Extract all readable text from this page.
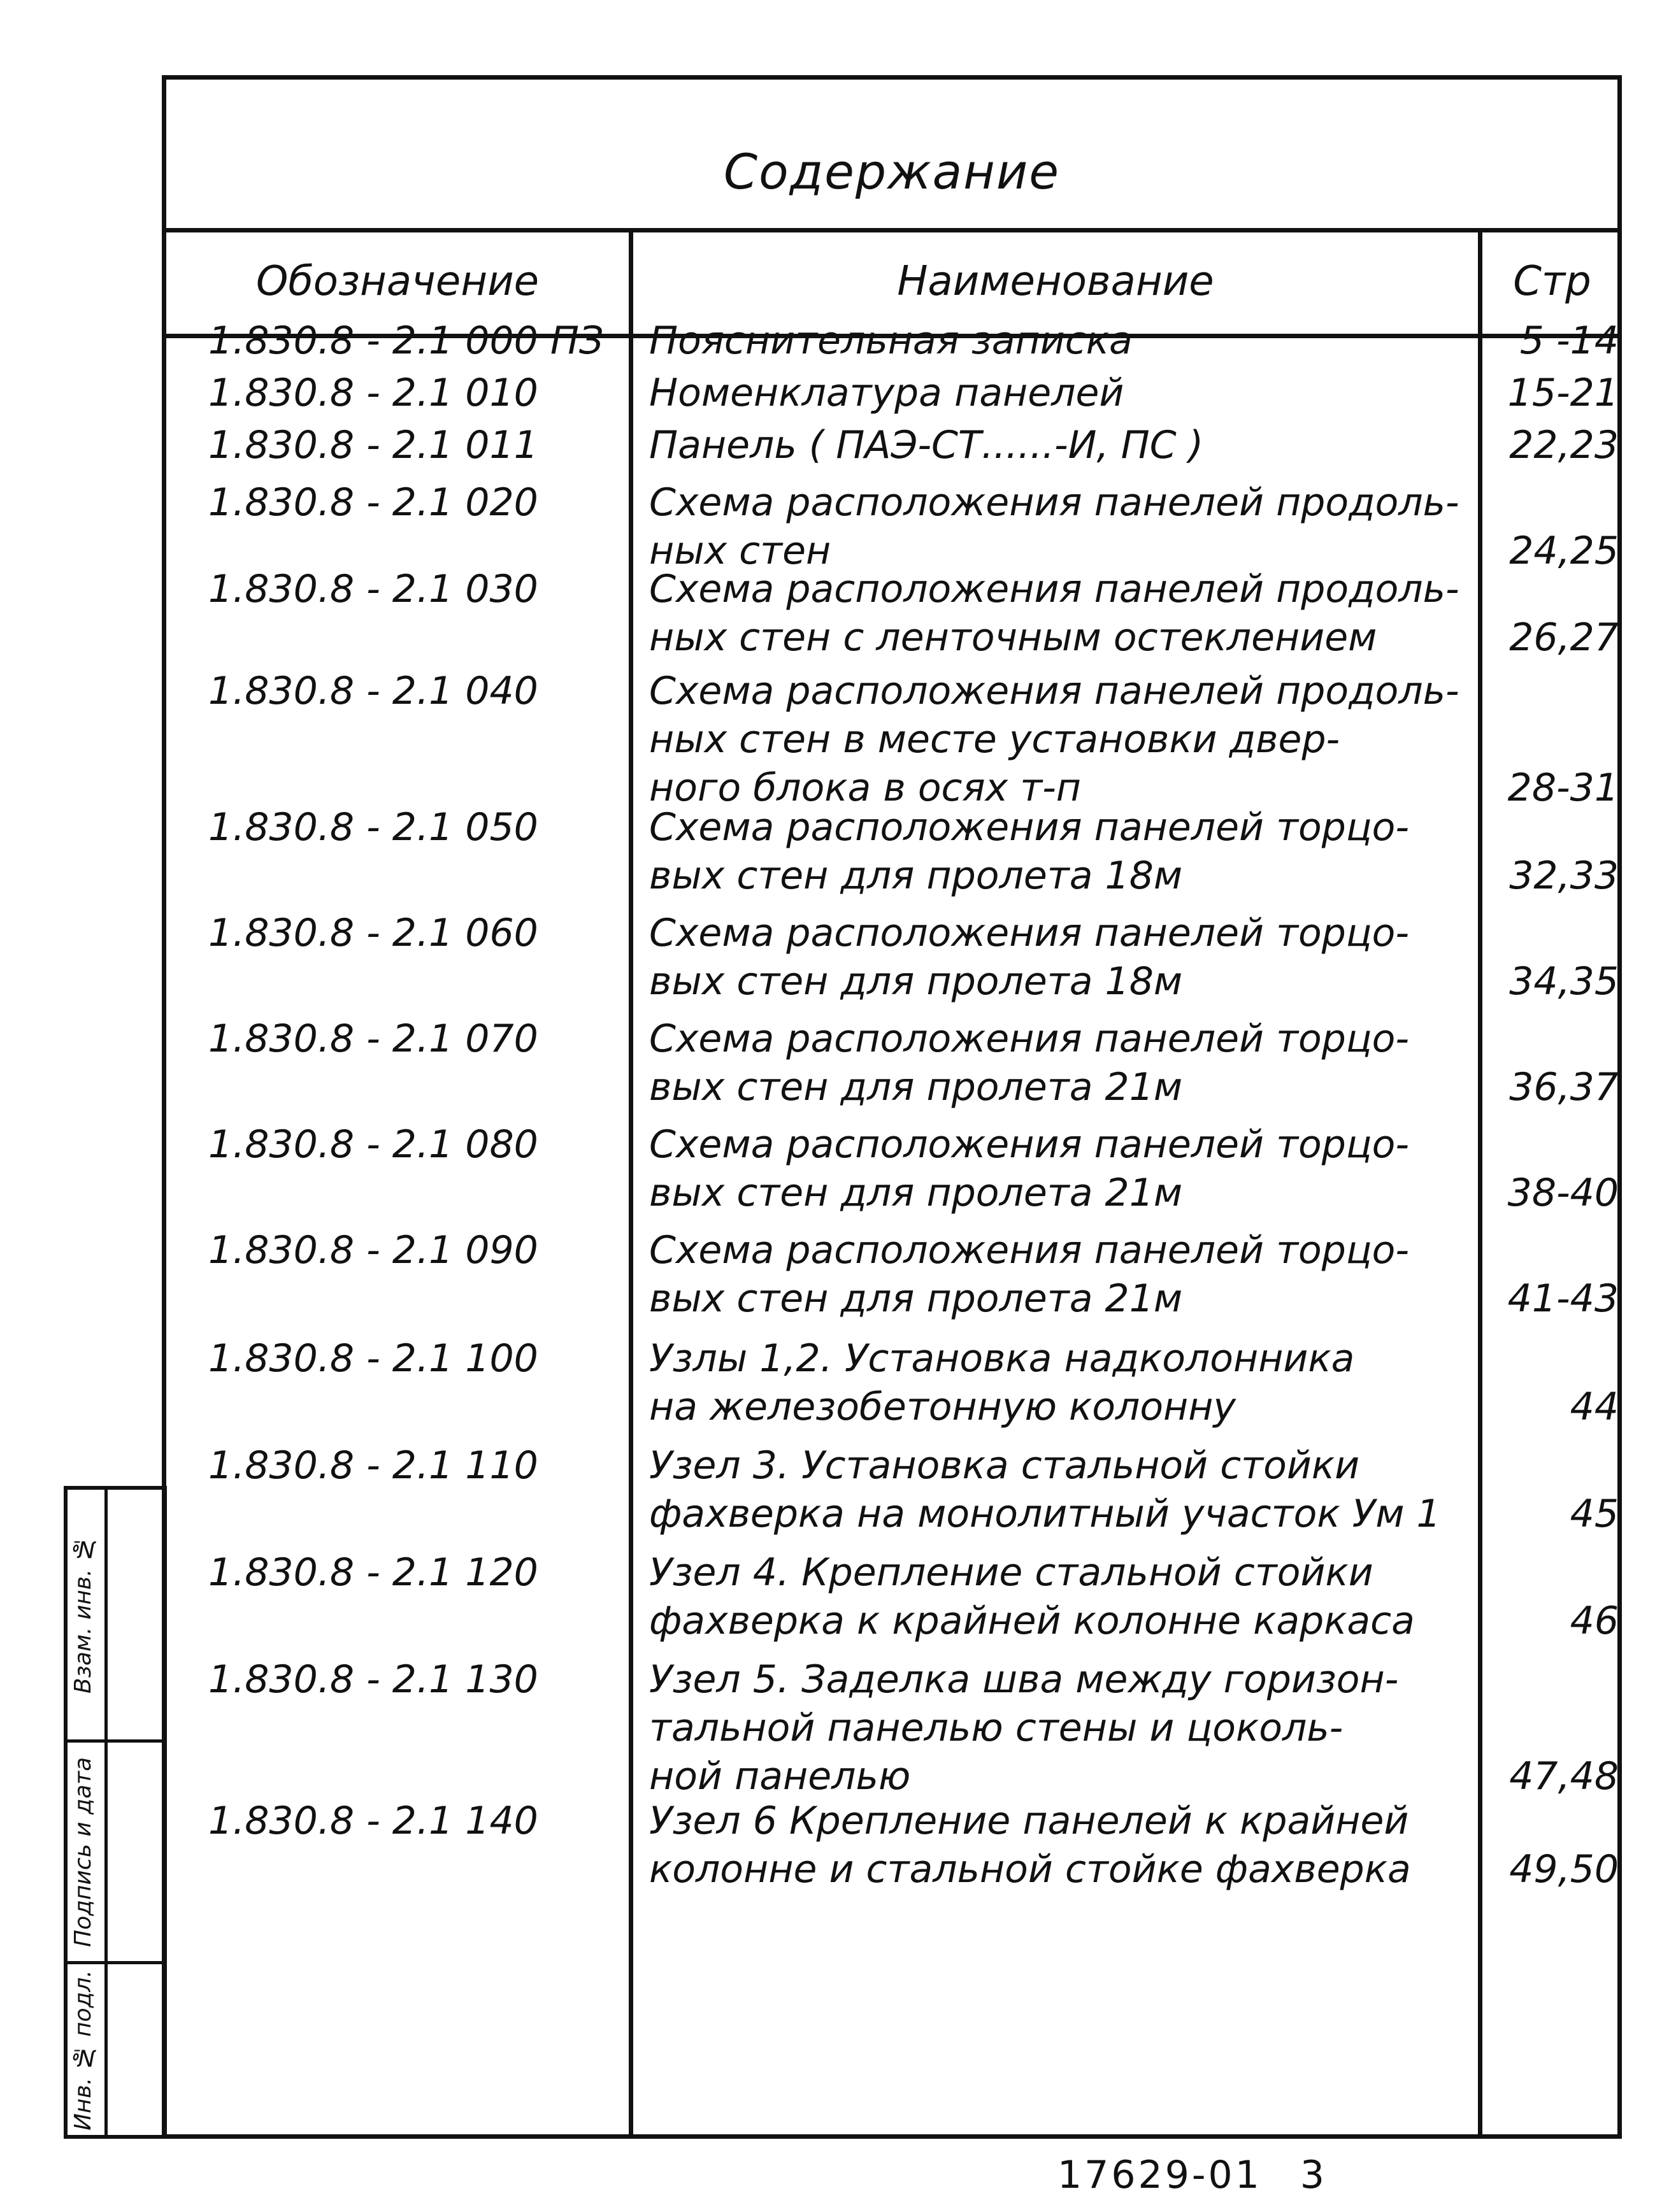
Содержание
Обозначение	Наименование	Стр
1.830.8 - 2.1 000 ПЗ	Пояснительная записка	5 -14
1.830.8 - 2.1 010	Номенклатура панелей	15-21
1.830.8 - 2.1 011	Панель ( ПАЭ-СТ......-И, ПС )	22,23
1.830.8 - 2.1 020	Схема расположения панелей продоль-
ных стен	24,25
1.830.8 - 2.1 030	Схема расположения панелей продоль-
ных стен с ленточным остеклением	26,27
1.830.8 - 2.1 040	Схема расположения панелей продоль-
ных стен в месте установки двер-
ного блока в осях т-п	28-31
1.830.8 - 2.1 050	Схема расположения панелей торцо-
вых стен для пролета 18м	32,33
1.830.8 - 2.1 060	Схема расположения панелей торцо-
вых стен для пролета 18м	34,35
1.830.8 - 2.1 070	Схема расположения панелей торцо-
вых стен для пролета 21м	36,37
1.830.8 - 2.1 080	Схема расположения панелей торцо-
вых стен для пролета 21м	38-40
1.830.8 - 2.1 090	Схема расположения панелей торцо-
вых стен для пролета 21м	41-43
1.830.8 - 2.1 100	Узлы 1,2. Установка надколонника
на железобетонную колонну	44
1.830.8 - 2.1 110	Узел 3. Установка стальной стойки
фахверка на монолитный участок Ум 1	45
1.830.8 - 2.1 120	Узел 4. Крепление стальной стойки
фахверка к крайней колонне каркаса	46
1.830.8 - 2.1 130	Узел 5. Заделка шва между горизон-
тальной панелью стены и цоколь-
ной панелью	47,48
1.830.8 - 2.1 140	Узел 6 Крепление панелей к крайней
колонне и стальной стойке фахверка	49,50
Взам. инв. №
Подпись и дата
Инв. № подл.
17629-01 3
